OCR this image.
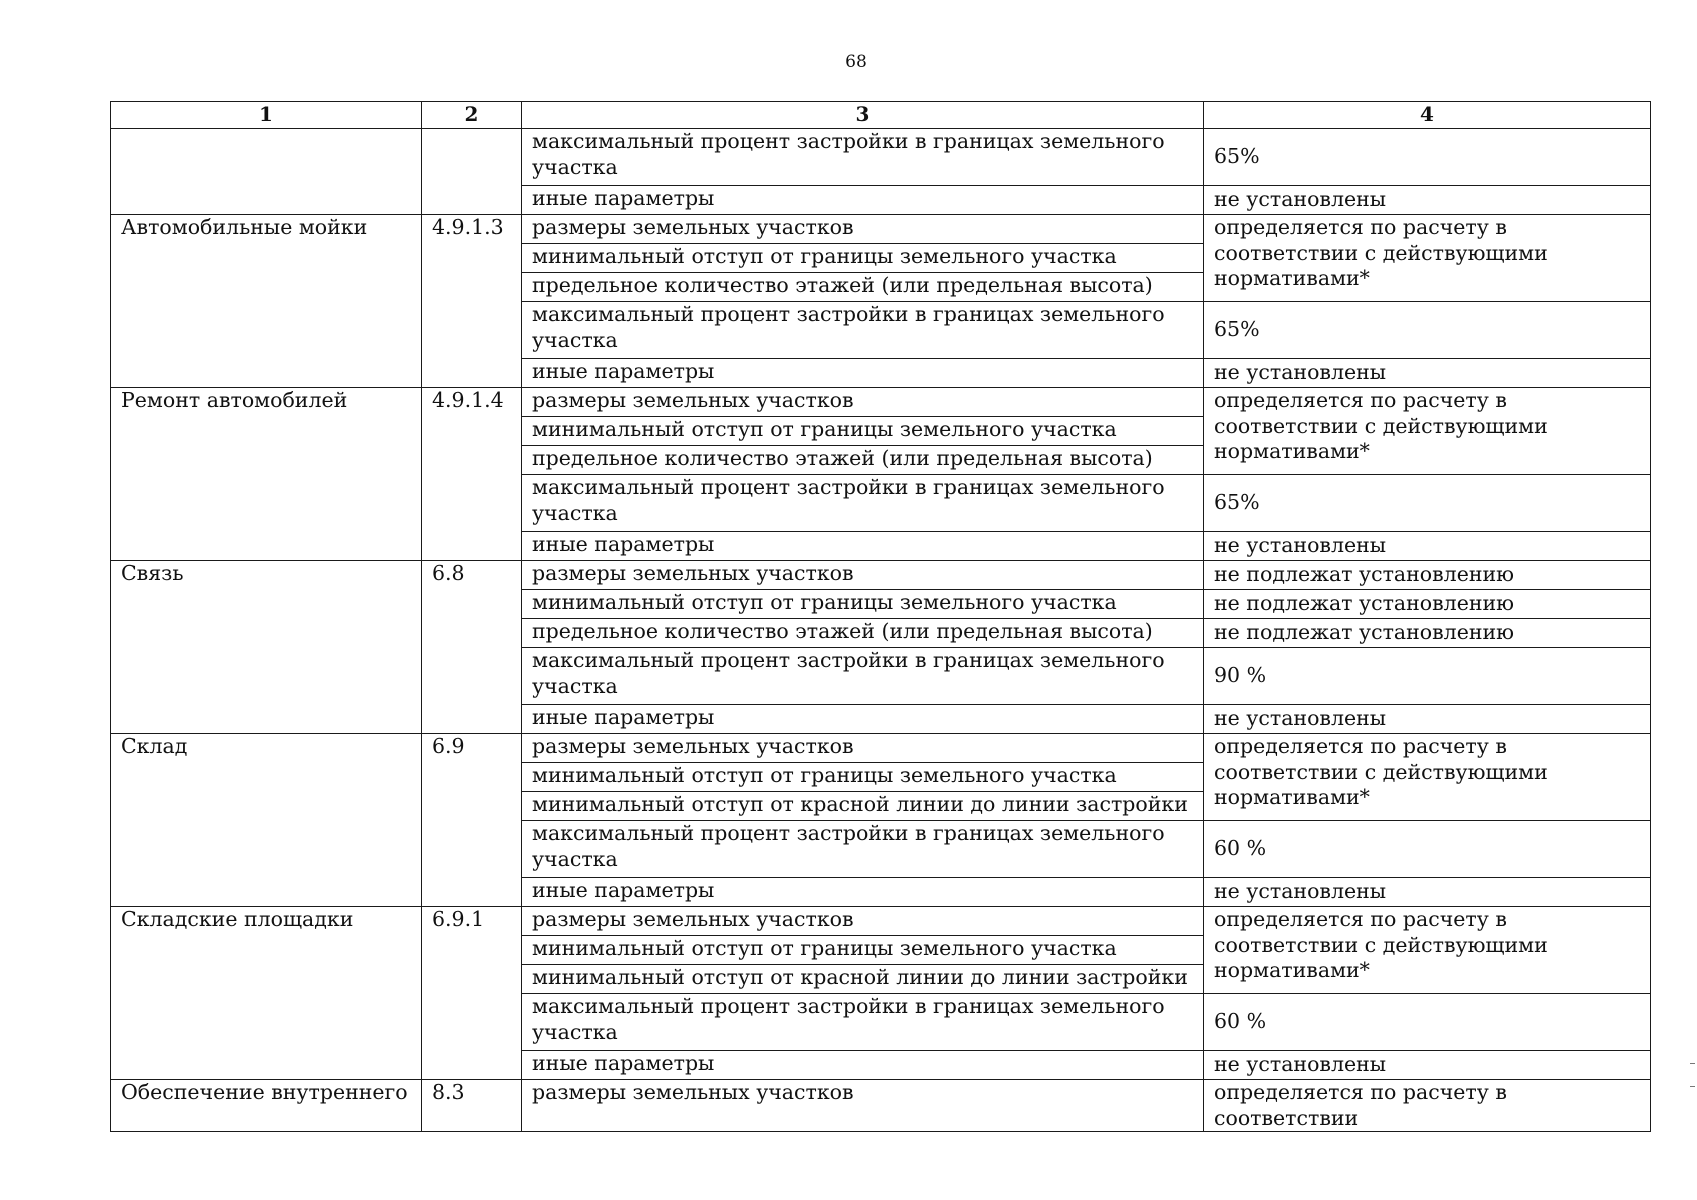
68
1	2	3	4
		максимальный процент застройки в границах земельного участка	65%
		иные параметры	не установлены
Автомобильные мойки	4.9.1.3	размеры земельных участков	определяется по расчету в соответствии с действующими нормативами*
		минимальный отступ от границы земельного участка	
		предельное количество этажей (или предельная высота)	
		максимальный процент застройки в границах земельного участка	65%
		иные параметры	не установлены
Ремонт автомобилей	4.9.1.4	размеры земельных участков	определяется по расчету в соответствии с действующими нормативами*
		минимальный отступ от границы земельного участка	
		предельное количество этажей (или предельная высота)	
		максимальный процент застройки в границах земельного участка	65%
		иные параметры	не установлены
Связь	6.8	размеры земельных участков	не подлежат установлению
		минимальный отступ от границы земельного участка	не подлежат установлению
		предельное количество этажей (или предельная высота)	не подлежат установлению
		максимальный процент застройки в границах земельного участка	90 %
		иные параметры	не установлены
Склад	6.9	размеры земельных участков	определяется по расчету в соответствии с действующими нормативами*
		минимальный отступ от границы земельного участка	
		минимальный отступ от красной линии до линии застройки	
		максимальный процент застройки в границах земельного участка	60 %
		иные параметры	не установлены
Складские площадки	6.9.1	размеры земельных участков	определяется по расчету в соответствии с действующими нормативами*
		минимальный отступ от границы земельного участка	
		минимальный отступ от красной линии до линии застройки	
		максимальный процент застройки в границах земельного участка	60 %
		иные параметры	не установлены
Обеспечение внутреннего	8.3	размеры земельных участков	определяется по расчету в соответствии
